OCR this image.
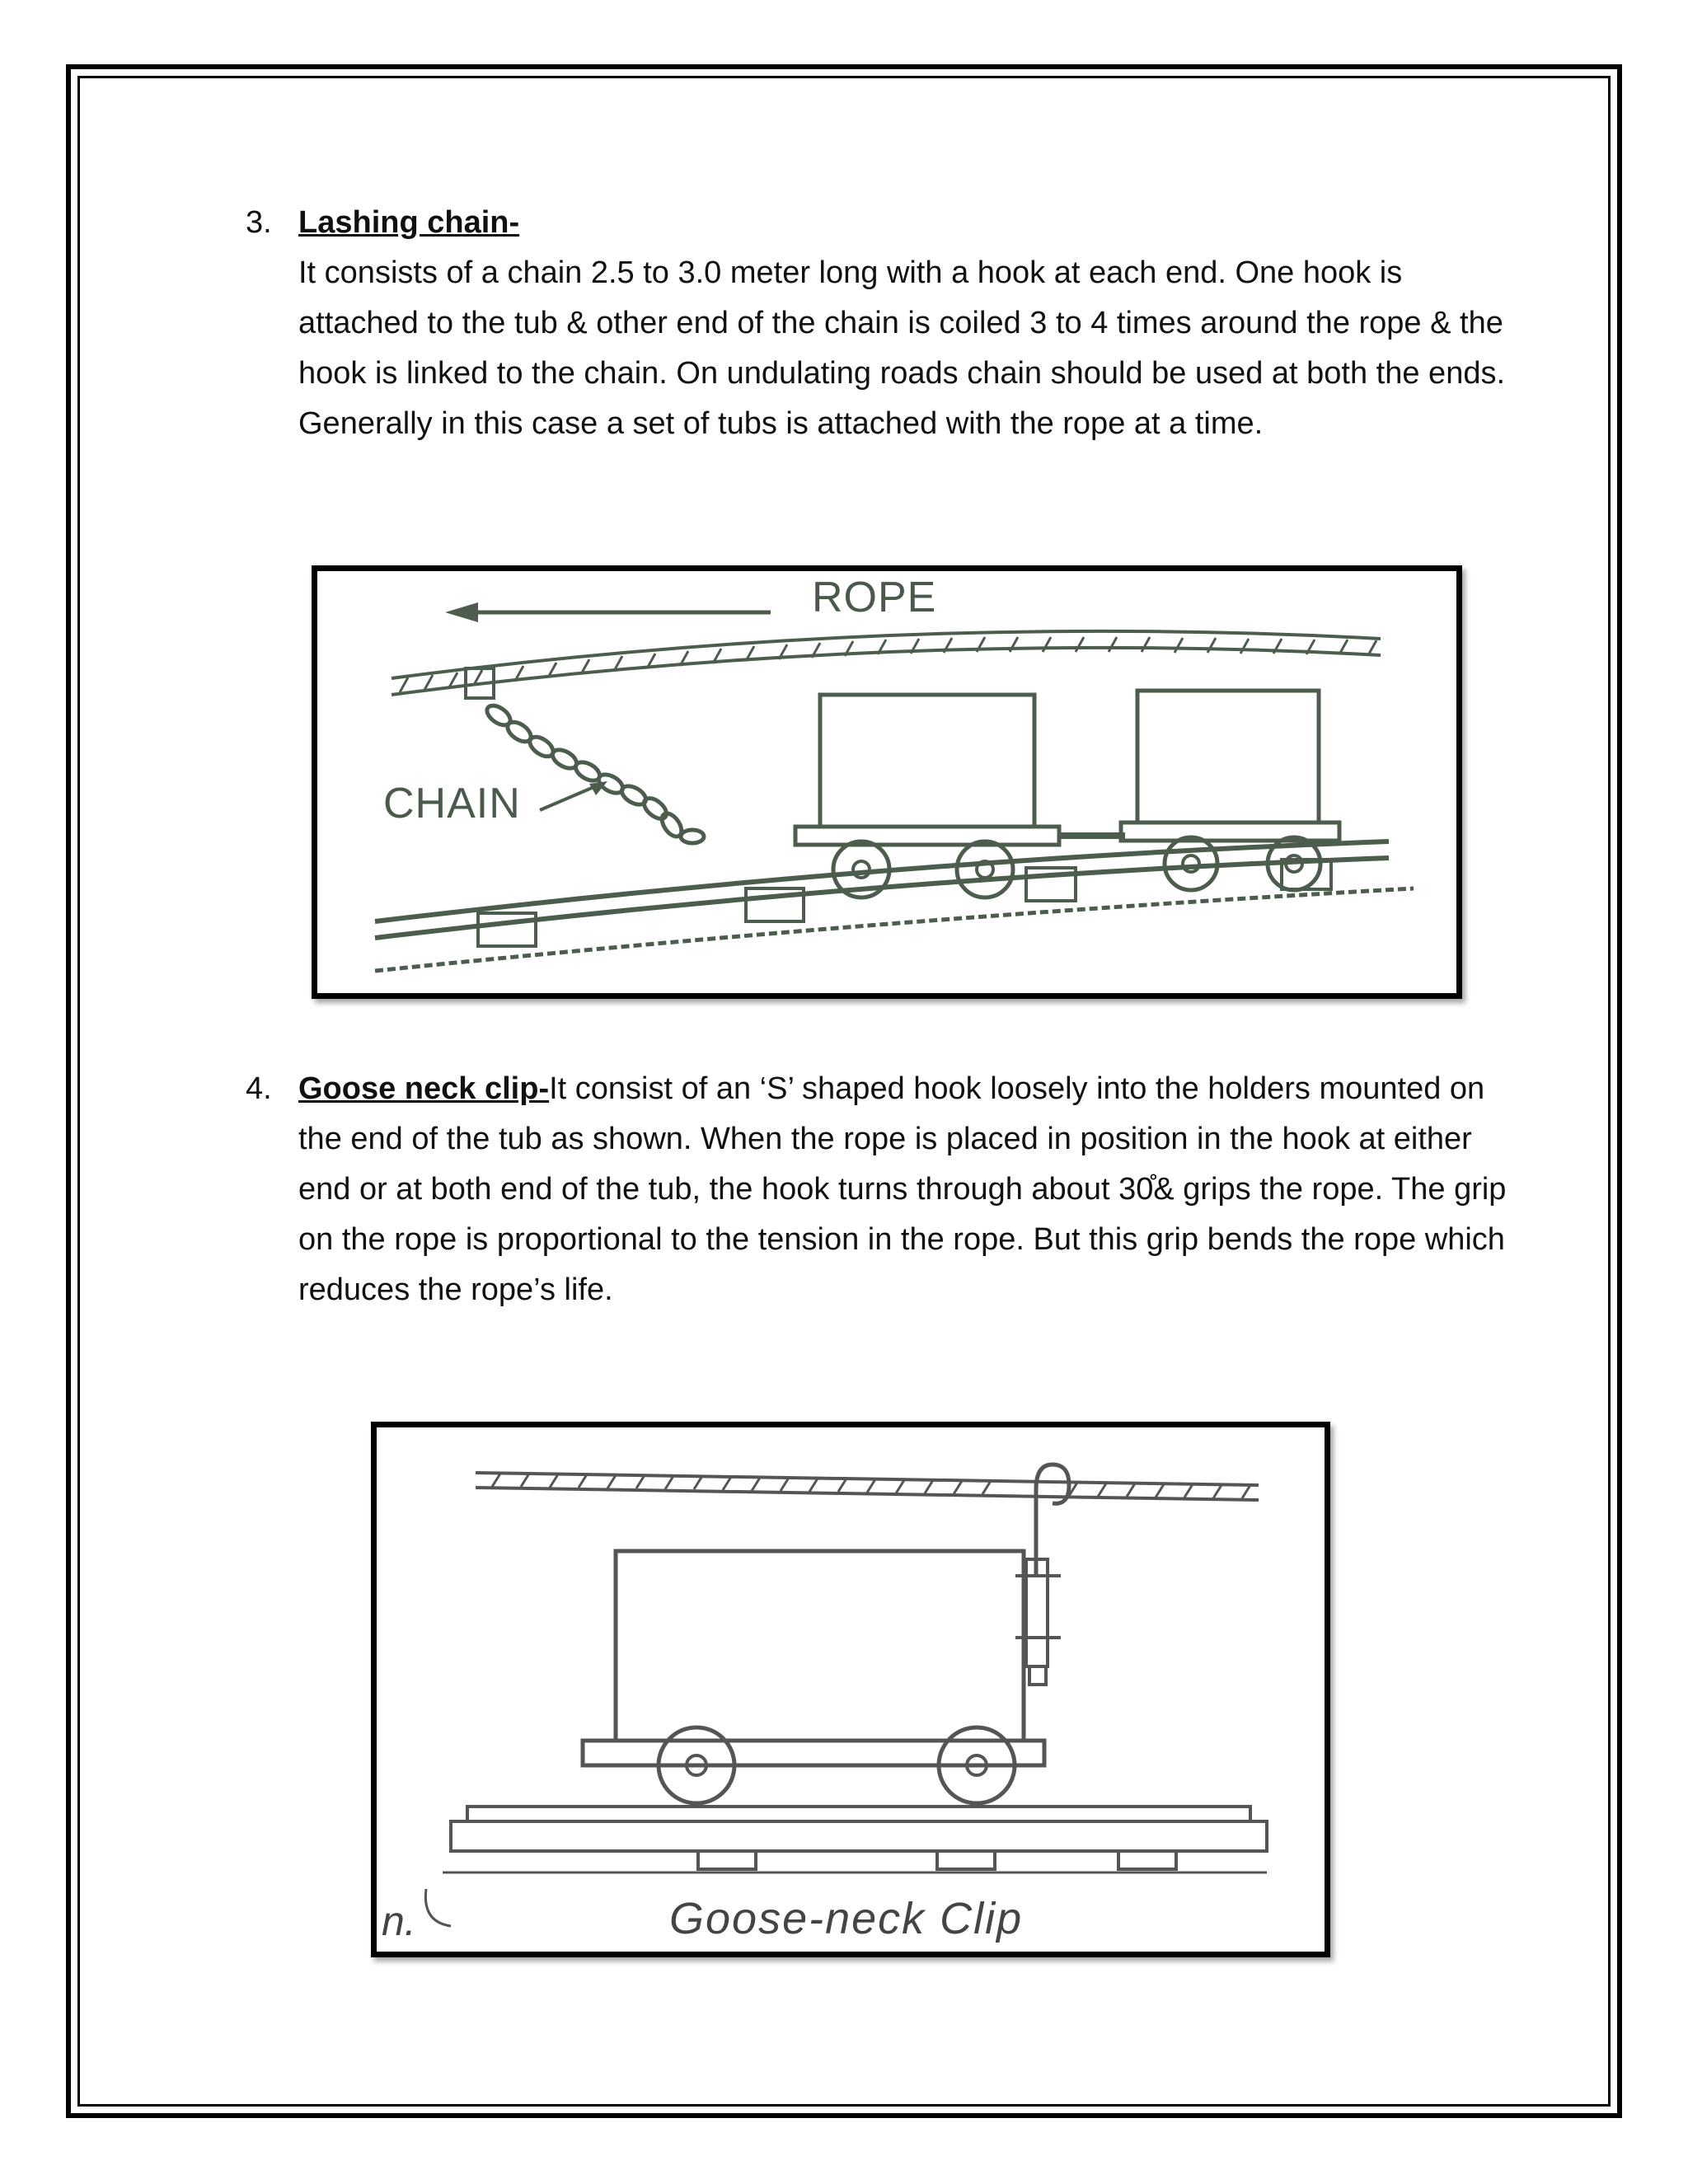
3. Lashing chain-
It consists of a chain 2.5 to 3.0 meter long with a hook at each end. One hook is attached to the tub & other end of the chain is coiled 3 to 4 times around the rope & the hook is linked to the chain. On undulating roads chain should be used at both the ends. Generally in this case a set of tubs is attached with the rope at a time.
ROPE
CHAIN
4. Goose neck clip-It consist of an ‘S’ shaped hook loosely into the holders mounted on the end of the tub as shown. When the rope is placed in position in the hook at either end or at both end of the tub, the hook turns through about 30̊& grips the rope. The grip on the rope is proportional to the tension in the rope. But this grip bends the rope which reduces the rope’s life.
n.	Goose-neck Clip
